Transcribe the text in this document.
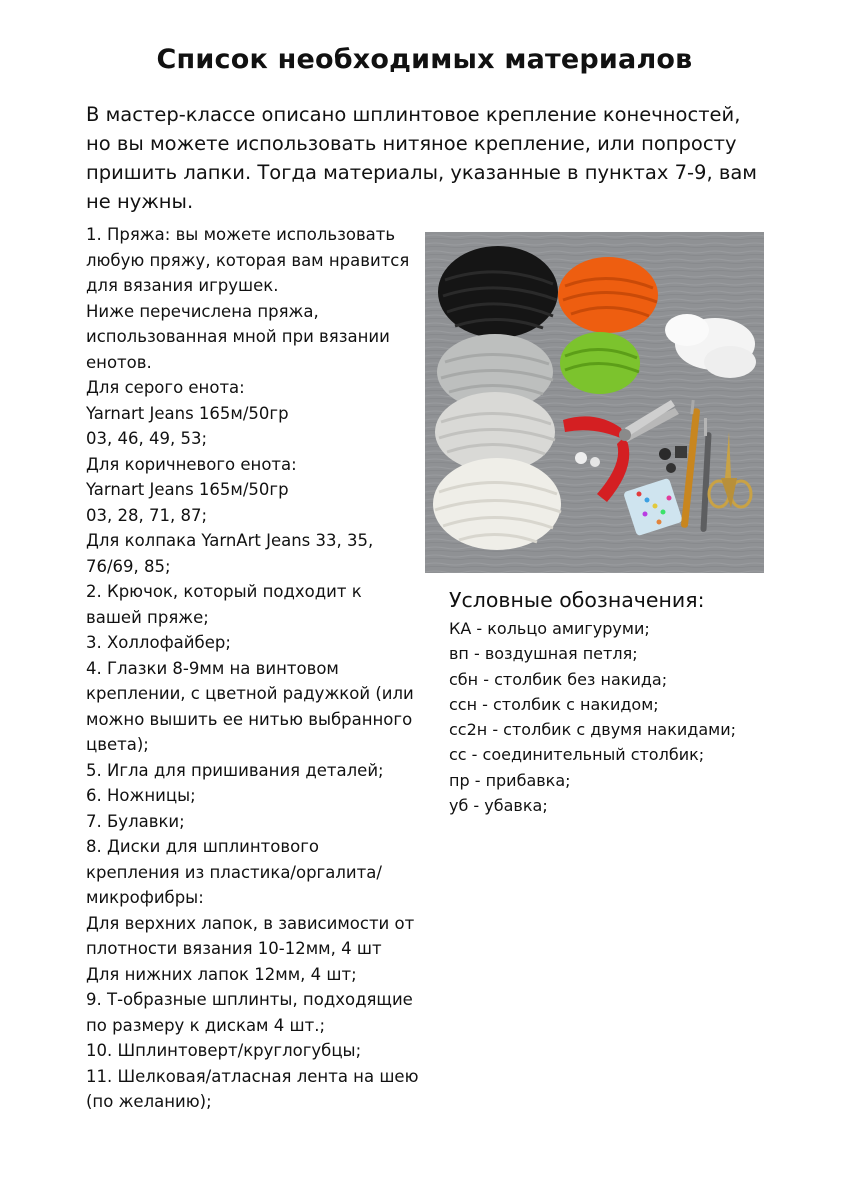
Список необходимых материалов
В мастер-классе описано шплинтовое крепление конечностей,
но вы можете использовать нитяное крепление, или попросту
пришить лапки. Тогда материалы, указанные в пунктах 7-9, вам
не нужны.
1. Пряжа: вы можете использовать
любую пряжу, которая вам нравится
для вязания игрушек.
Ниже перечислена пряжа,
использованная мной при вязании
енотов.
Для серого енота:
Yarnart Jeans 165м/50гр
03, 46, 49, 53;
Для коричневого енота:
Yarnart Jeans 165м/50гр
03, 28, 71, 87;
Для колпака YarnArt Jeans 33, 35,
76/69, 85;
2. Крючок, который подходит к
вашей пряже;
3. Холлофайбер;
4. Глазки 8-9мм на винтовом
креплении, с цветной радужкой (или
можно вышить ее нитью выбранного
цвета);
5. Игла для пришивания деталей;
6. Ножницы;
7. Булавки;
8. Диски для шплинтового
крепления из пластика/оргалита/
микрофибры:
Для верхних лапок, в зависимости от
плотности вязания 10-12мм, 4 шт
Для нижних лапок 12мм, 4 шт;
9. Т-образные шплинты, подходящие
по размеру к дискам 4 шт.;
10. Шплинтоверт/круглогубцы;
11. Шелковая/атласная лента на шею
(по желанию);
Условные обозначения:
КА - кольцо амигуруми;
вп - воздушная петля;
сбн - столбик без накида;
ссн - столбик с накидом;
сс2н - столбик с двумя накидами;
сс - соединительный столбик;
пр - прибавка;
уб - убавка;
